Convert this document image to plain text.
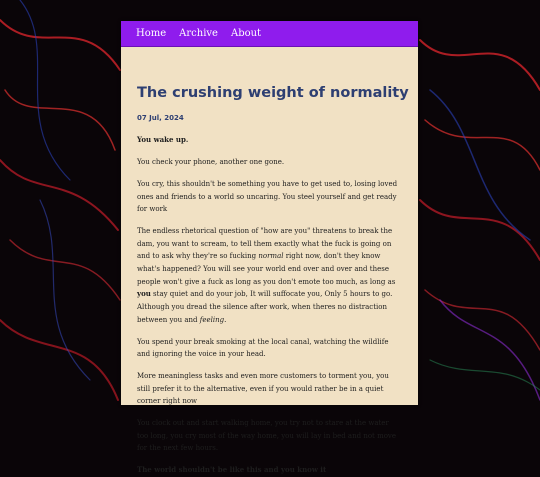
Home Archive About
The crushing weight of normality
07 Jul, 2024

You wake up.

You check your phone, another one gone.

You cry, this shouldn't be something you have to get used to, losing loved ones and friends to a world so uncaring. You steel yourself and get ready for work

The endless rhetorical question of "how are you" threatens to break the dam, you want to scream, to tell them exactly what the fuck is going on and to ask why they're so fucking normal right now, don't they know what's happened? You will see your world end over and over and these people won't give a fuck as long as you don't emote too much, as long as you stay quiet and do your job, It will suffocate you, Only 5 hours to go. Although you dread the silence after work, when theres no distraction between you and feeling.

You spend your break smoking at the local canal, watching the wildlife and ignoring the voice in your head.

More meaningless tasks and even more customers to torment you, you still prefer it to the alternative, even if you would rather be in a quiet corner right now

You clock out and start walking home, you try not to stare at the water too long, you cry most of the way home, you will lay in bed and not move for the next few hours.

The world shouldn't be like this and you know it
